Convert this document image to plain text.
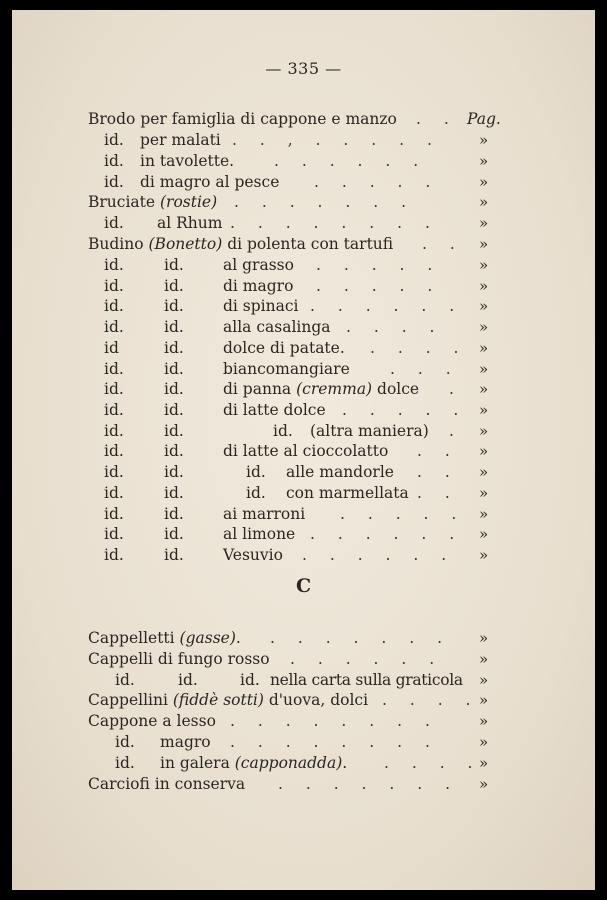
— 335 —
Brodo per famiglia di cappone e manzo . . Pag.
id. per malati . . , . . . . .	»
id. in tavolette.	. . . . . .	»
id. di magro al pesce . . . . .	»
Bruciate (rostie) . . . . . . .	»
id. al Rhum . . . . . . . .	»
Budino (Bonetto) di polenta con tartufi . . »
id.	id.	al grasso . . . . .	»
id.	id.	di magro . . . . .	»
id.	id.	di spinaci . . . . . . »
id.	id.	alla casalinga . . . . »
id	id.	dolce di patate. . . . . »
id.	id.	biancomangiare	. . . »
id.	id.	di panna (cremma) dolce . »
id.	id.	di latte dolce . . . . . »
id.	id.	id. (altra maniera) . »
id.	id.	di latte al cioccolatto . . »
id.	id.	id. alle mandorle . . »
id.	id.	id. con marmellata . . »
id.	id.	ai marroni . . . . . »
id.	id.	al limone . . . . . . »
id.	id.	Vesuvio . . . . . . »
C
Cappelletti (gasse). . . . . . . . »
Cappelli di fungo rosso . . . . . . »
id.	id.	id. nella carta sulla graticola »
Cappellini (fiddè sotti) d'uova, dolci . . . . »
Cappone a lesso . . . . . . . .	»
id. magro . . . . . . . .	»
id. in galera (capponadda). . . . .
»
Carciofi in conserva . . . . . . . »
